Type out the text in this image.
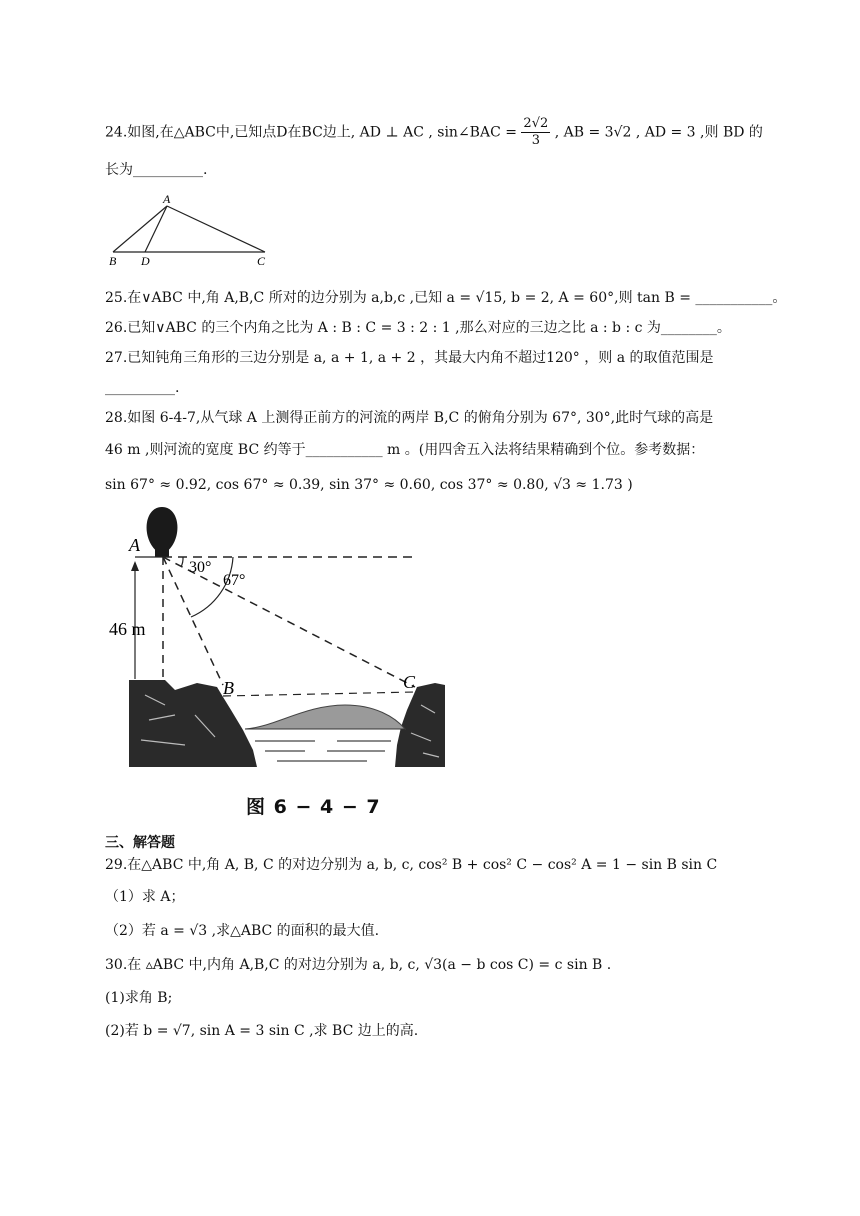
24.如图,在△ABC中,已知点D在BC边上, AD ⊥ AC , sin∠BAC = $\frac{2√2}{3}$ , AB = 3√2 , AD = 3 ,则 BD 的
长为__________.
A
B D	C
25.在∨ABC 中,角 A,B,C 所对的边分别为 a,b,c ,已知 a = √15, b = 2, A = 60°,则 tan B = ___________。
26.已知∨ABC 的三个内角之比为 A : B : C = 3 : 2 : 1 ,那么对应的三边之比 a : b : c 为________。
27.已知钝角三角形的三边分别是 a, a + 1, a + 2 ，其最大内角不超过120° ，则 a 的取值范围是
__________.
28.如图 6-4-7,从气球 A 上测得正前方的河流的两岸 B,C 的俯角分别为 67°, 30°,此时气球的高是
46 m ,则河流的宽度 BC 约等于___________ m 。(用四舍五入法将结果精确到个位。参考数据：
sin 67° ≈ 0.92, cos 67° ≈ 0.39, sin 37° ≈ 0.60, cos 37° ≈ 0.80, √3 ≈ 1.73 )
A
30°
67°
46 m
B	C
图 6 − 4 − 7
三、解答题
29.在△ABC 中,角 A, B, C 的对边分别为 a, b, c, cos² B + cos² C − cos² A = 1 − sin B sin C
（1）求 A；
（2）若 a = √3 ,求△ABC 的面积的最大值.
30.在 ▵ABC 中,内角 A,B,C 的对边分别为 a, b, c, √3(a − b cos C) = c sin B .
(1)求角 B;
(2)若 b = √7, sin A = 3 sin C ,求 BC 边上的高.
